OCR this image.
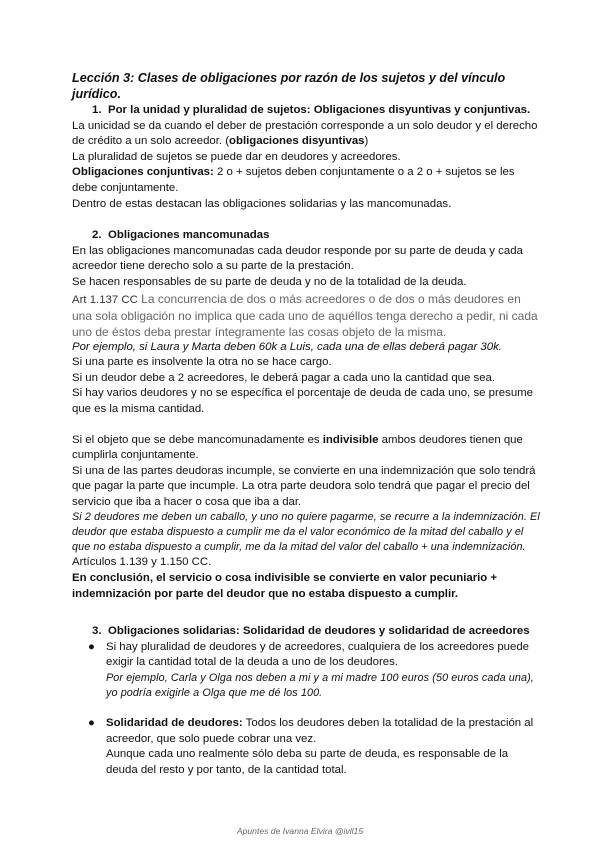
Lección 3: Clases de obligaciones por razón de los sujetos y del vínculo jurídico.
1. Por la unidad y pluralidad de sujetos: Obligaciones disyuntivas y conjuntivas.
La unicidad se da cuando el deber de prestación corresponde a un solo deudor y el derecho de crédito a un solo acreedor. (obligaciones disyuntivas)
La pluralidad de sujetos se puede dar en deudores y acreedores.
Obligaciones conjuntivas: 2 o + sujetos deben conjuntamente o a 2 o + sujetos se les debe conjuntamente.
Dentro de estas destacan las obligaciones solidarias y las mancomunadas.
2. Obligaciones mancomunadas
En las obligaciones mancomunadas cada deudor responde por su parte de deuda y cada acreedor tiene derecho solo a su parte de la prestación.
Se hacen responsables de su parte de deuda y no de la totalidad de la deuda.
Art 1.137 CC La concurrencia de dos o más acreedores o de dos o más deudores en una sola obligación no implica que cada uno de aquéllos tenga derecho a pedir, ni cada uno de éstos deba prestar íntegramente las cosas objeto de la misma.
Por ejemplo, si Laura y Marta deben 60k a Luis, cada una de ellas deberá pagar 30k.
Si una parte es insolvente la otra no se hace cargo.
Si un deudor debe a 2 acreedores, le deberá pagar a cada uno la cantidad que sea.
Si hay varios deudores y no se específica el porcentaje de deuda de cada uno, se presume que es la misma cantidad.
Si el objeto que se debe mancomunadamente es indivisible ambos deudores tienen que cumplirla conjuntamente.
Si una de las partes deudoras incumple, se convierte en una indemnización que solo tendrá que pagar la parte que incumple. La otra parte deudora solo tendrá que pagar el precio del servicio que iba a hacer o cosa que iba a dar.
Si 2 deudores me deben un caballo, y uno no quiere pagarme, se recurre a la indemnización. El deudor que estaba dispuesto a cumplir me da el valor económico de la mitad del caballo y el que no estaba dispuesto a cumplir, me da la mitad del valor del caballo + una indemnización.
Artículos 1.139 y 1.150 CC.
En conclusión, el servicio o cosa indivisible se convierte en valor pecuniario + indemnización por parte del deudor que no estaba dispuesto a cumplir.
3. Obligaciones solidarias: Solidaridad de deudores y solidaridad de acreedores
● Si hay pluralidad de deudores y de acreedores, cualquiera de los acreedores puede exigir la cantidad total de la deuda a uno de los deudores.
Por ejemplo, Carla y Olga nos deben a mi y a mi madre 100 euros (50 euros cada una), yo podría exigirle a Olga que me dé los 100.
● Solidaridad de deudores: Todos los deudores deben la totalidad de la prestación al acreedor, que solo puede cobrar una vez.
Aunque cada uno realmente sólo deba su parte de deuda, es responsable de la deuda del resto y por tanto, de la cantidad total.
Apuntes de Ivanna Elvira @ivll15
